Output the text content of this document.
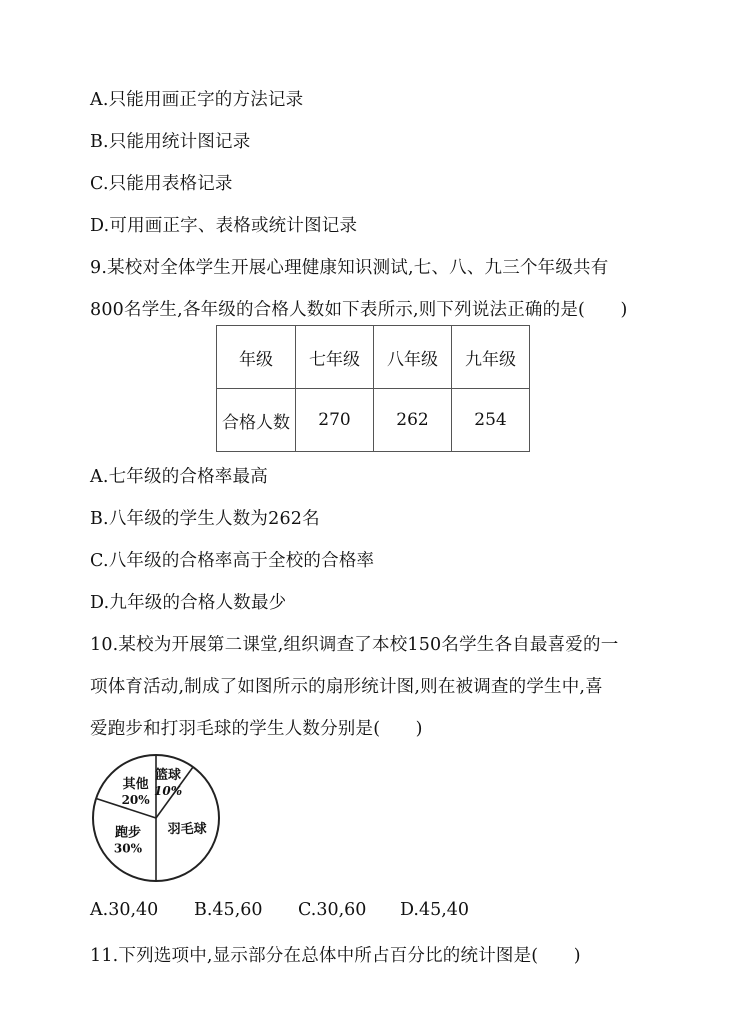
A.只能用画正字的方法记录
B.只能用统计图记录
C.只能用表格记录
D.可用画正字、表格或统计图记录
9.某校对全体学生开展心理健康知识测试,七、八、九三个年级共有
800名学生,各年级的合格人数如下表所示,则下列说法正确的是(　　)
年级	七年级	八年级	九年级
合格人数	270	262	254
A.七年级的合格率最高
B.八年级的学生人数为262名
C.八年级的合格率高于全校的合格率
D.九年级的合格人数最少
10.某校为开展第二课堂,组织调查了本校150名学生各自最喜爱的一
项体育活动,制成了如图所示的扇形统计图,则在被调查的学生中,喜
爱跑步和打羽毛球的学生人数分别是(　　)
篮球
10%
羽毛球
跑步
30%
其他
20%
A.30,40 B.45,60 C.30,60 D.45,40
11.下列选项中,显示部分在总体中所占百分比的统计图是(　　)
